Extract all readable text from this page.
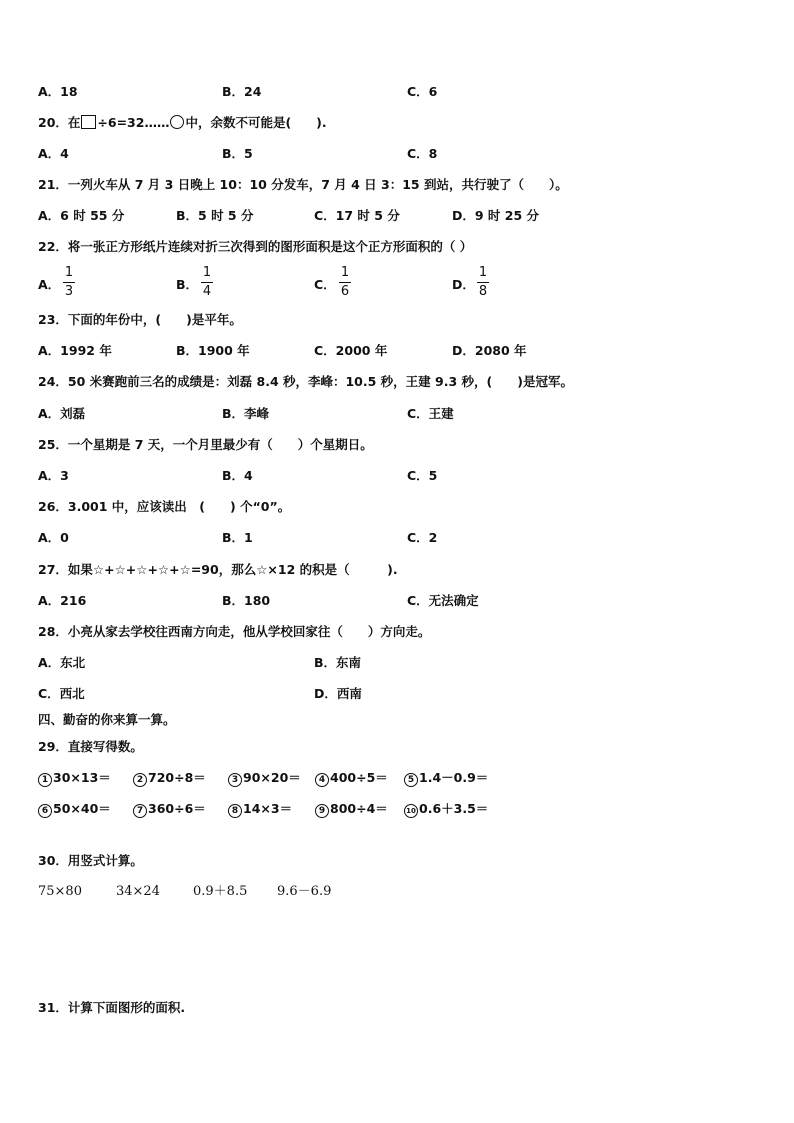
A．18	B．24	C．6
20．在 ÷6=32…… 中，余数不可能是(　　).
A．4	B．5	C．8
21．一列火车从 7 月 3 日晚上 10：10 分发车，7 月 4 日 3：15 到站，共行驶了（　　）。
A．6 时 55 分	B．5 时 5 分	C．17 时 5 分	D．9 时 25 分
22．将一张正方形纸片连续对折三次得到的图形面积是这个正方形面积的（ ）
A．
1
3	B．
1
4	C．
1
6	D．
1
8
23．下面的年份中，(　　)是平年。
A．1992 年	B．1900 年	C．2000 年	D．2080 年
24．50 米赛跑前三名的成绩是：刘磊 8.4 秒，李峰：10.5 秒，王建 9.3 秒，(　　)是冠军。
A．刘磊	B．李峰	C．王建
25．一个星期是 7 天，一个月里最少有（　　）个星期日。
A．3	B．4	C．5
26．3.001 中，应该读出　(　　) 个“0”。
A．0	B．1	C．2
27．如果☆+☆+☆+☆+☆=90，那么☆×12 的积是（　　　).
A．216	B．180	C．无法确定
28．小亮从家去学校往西南方向走，他从学校回家往（　　）方向走。
A．东北	B．东南
C．西北	D．西南
四、勤奋的你来算一算。
29．直接写得数。
1 30×13＝	2 720÷8＝	3 90×20＝	4 400÷5＝	5 1.4－0.9＝
6 50×40＝	7 360÷6＝	8 14×3＝	9 800÷4＝	10 0.6＋3.5＝
30．用竖式计算。
75×80	34×24	0.9＋8.5 9.6－6.9
31．计算下面图形的面积.
